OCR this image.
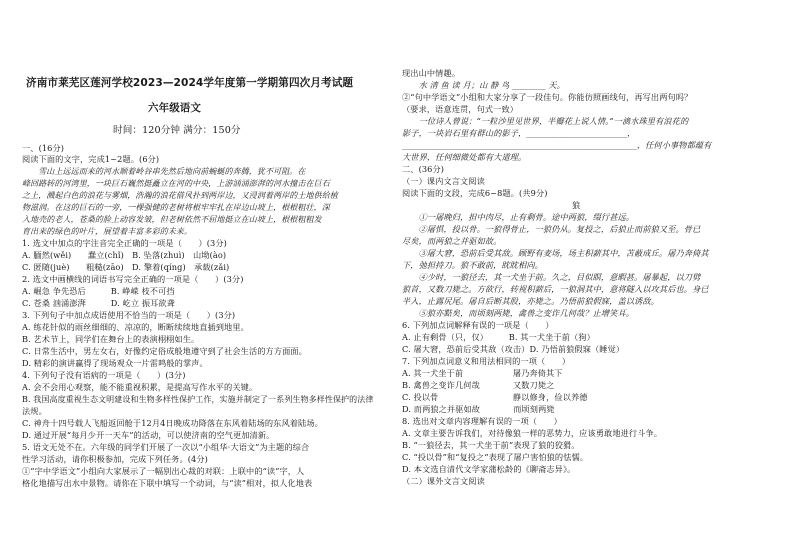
济南市莱芜区莲河学校2023—2024学年度第一学期第四次月考试题
六年级语文
时间：120分钟 满分：150分
一、(16分)
阅读下面的文字，完成1~2题。(6分)
　　雪山上远远而来的河水顺着岭谷串先然后地向前蜿蜒的奔腾，犹不可阻。在
峰回路转的河湾里，一块巨石巍然挺矗立在河的中央，上游汹涌澎湃的河水撞击在巨石
之上，溅起白色的浪花与雾烟，浩瀚的浪花借风扑到两岸边，又浸润着两岸的土地供给植
物滋润。在这的巨石的一旁，一棵强健的老树将根牢牢扎在岸边山坡上，根根粗壮，深
入地壳的老人，苍桑的脸上动容发皱，但老树依然不屈地挺立在山坡上，根根粗粗发
育出来的绿色的叶片，展望着丰富多彩的未来。
1. 选文中加点的字注音完全正确的一项是（　　）(3分)
A. 腼然(wěi)　　蠢立(chǐ)　B. 坠落(zhuì)　山坳(ào)
C. 匿随(juè)　　粗糙(zāo)　D. 擎着(qíng)　承载(zǎi)
2. 选文中画横线的词语书写完全正确的一项是（　　）(3分)
A. 崛急 争先恐后　　　B. 峥嵘 枝不可挡
C. 苍桑 汹涌澎湃　　　D. 屹立 振耳欲聋
3. 下列句子中加点成语使用不恰当的一项是（　　）(3分)
A. 练花针似的雨丝细细的、凉凉的，断断续续地直插到地里。
B. 艺术节上，同学们在舞台上的表演栩栩如生。
C. 日常生活中，男左女右，好像约定俗成般地遵守到了社会生活的方方面面。
D. 精彩的演讲赢得了现场观众一片雷鸣般的掌声。
4. 下列句子没有语病的一项是（　　）(3分)
A. 会不会用心观察，能不能重视积累，是提高写作水平的关键。
B. 我国高度重视生态文明建设和生物多样性保护工作，实施并制定了一系列生物多样性保护的法律
法规。
C. 神舟十四号载人飞船返回舱于12月4日晚成功降落在东风着陆场的东风着陆场。
D. 通过开展“每月少开一天车”的活动，可以使济南的空气更加清新。
5. 语文无处不在。六年级的同学们开展了一次以“小组华·大语文”为主题的综合
性学习活动，请你积极参加，完成下列任务。(4分)
①“字中学语文”小组向大家展示了一幅别出心裁的对联：上联中的“读”字，人
格化地描写出水中景物。请你在下联中填写一个动词，与“读”相对，拟人化地表
现出山中情趣。
　　水 清 鱼 读 月；山 静 鸟 ________ 天。
②“句中学语文”小组和大家分享了一段佳句。你能仿照画线句，再写出两句吗？
（要求，语意连贯，句式一致）
　　一位诗人曾说：“一粒沙里见世界，半瓣花上说人情。”一滴水珠里有浪花的
影子，一块岩石里有群山的影子，________________________，
________________________________________________________，任何小事物都蕴有
大世界，任何细微处都有大道理。
二、(36分)
（一）课内文言文阅读
阅读下面的文段，完成6~8题。(共9分)
狼
　　①一屠晚归，担中肉尽，止有剩骨。途中两狼，缀行甚远。
　　②屠惧，投以骨。一狼得骨止，一狼仍从。复投之，后狼止而前狼又至。骨已
尽矣，而两狼之并驱如故。
　　③屠大窘，恐前后受其敌。顾野有麦场，场主积薪其中，苫蔽成丘。屠乃奔倚其
下，弛担持刀。狼不敢前，眈眈相向。
　　④少时，一狼径去，其一犬坐于前。久之，目似瞑，意暇甚。屠暴起，以刀劈
狼首，又数刀毙之。方欲行，转视积薪后，一狼洞其中，意将隧入以攻其后也。身已
半入，止露尻尾。屠自后断其股，亦毙之。乃悟前狼假寐，盖以诱敌。
　　⑤狼亦黠矣，而顷刻两毙，禽兽之变诈几何哉？止增笑耳。
6. 下列加点词解释有误的一项是（　　）
A. 止有剩骨（只，仅）　　　B. 其一犬坐于前（狗）
C. 屠大窘，恐前后受其敌（攻击）D. 乃悟前狼假寐（睡觉）
7. 下列加点词意义和用法相同的一项（　　）
A. 其一犬坐于前　　　　　　屠乃奔倚其下
B. 禽兽之变诈几何哉　　　　又数刀毙之
C. 投以骨　　　　　　　　　静以修身，俭以养德
D. 而两狼之并驱如故　　　　而顷刻两毙
8. 选出对文章内容理解有误的一项（　　）
A. 文章主要告诉我们，对待像狼一样的恶势力，应该勇敢地进行斗争。
B. “一狼径去，其一犬坐于前”表现了狼的狡猾。
C. “投以骨”和“复投之”表现了屠户害怕狼的怯懦。
D. 本文选自清代文学家蒲松龄的《聊斋志异》。
（二）课外文言文阅读
